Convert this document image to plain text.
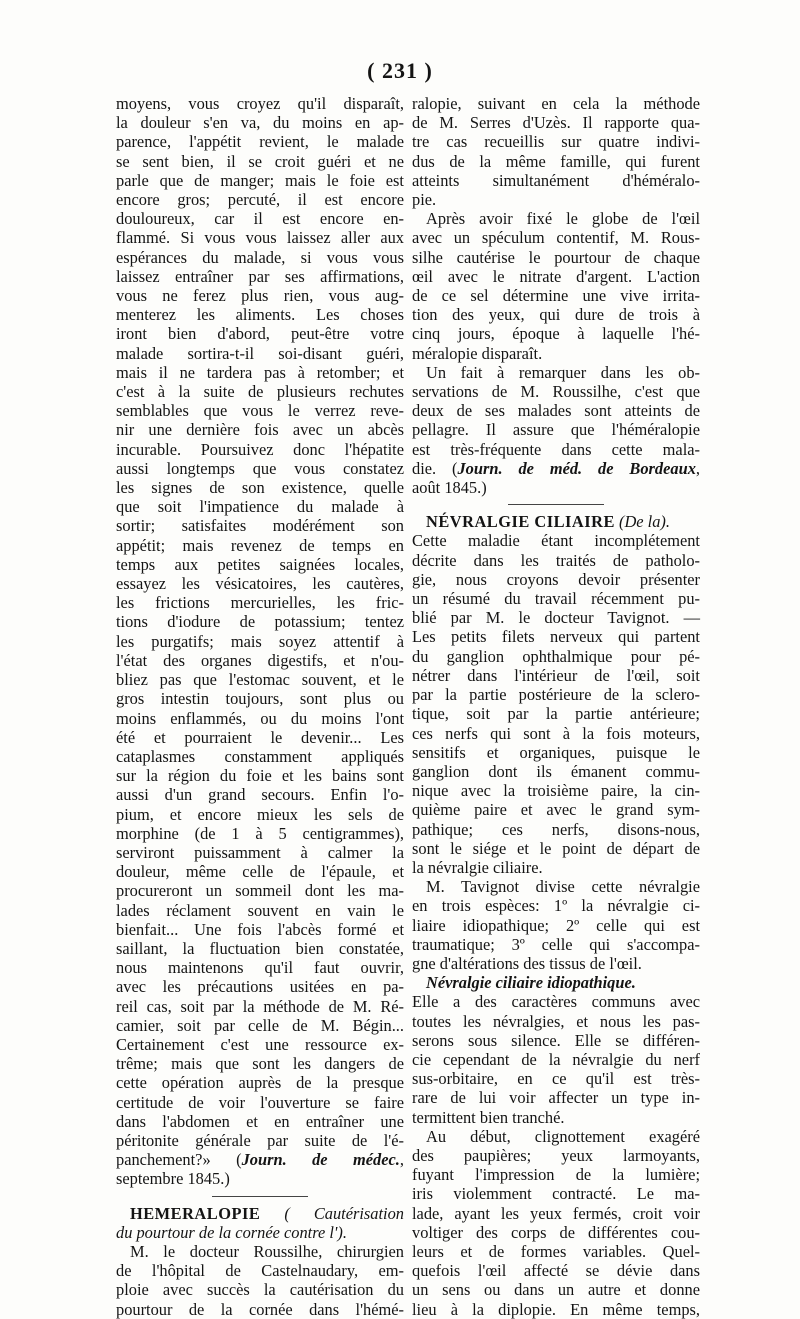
( 231 )
moyens, vous croyez qu'il disparaît,
la douleur s'en va, du moins en ap-
parence, l'appétit revient, le malade
se sent bien, il se croit guéri et ne
parle que de manger; mais le foie est
encore gros; percuté, il est encore
douloureux, car il est encore en-
flammé. Si vous vous laissez aller aux
espérances du malade, si vous vous
laissez entraîner par ses affirmations,
vous ne ferez plus rien, vous aug-
menterez les aliments. Les choses
iront bien d'abord, peut-être votre
malade sortira-t-il soi-disant guéri,
mais il ne tardera pas à retomber; et
c'est à la suite de plusieurs rechutes
semblables que vous le verrez reve-
nir une dernière fois avec un abcès
incurable. Poursuivez donc l'hépatite
aussi longtemps que vous constatez
les signes de son existence, quelle
que soit l'impatience du malade à
sortir; satisfaites modérément son
appétit; mais revenez de temps en
temps aux petites saignées locales,
essayez les vésicatoires, les cautères,
les frictions mercurielles, les fric-
tions d'iodure de potassium; tentez
les purgatifs; mais soyez attentif à
l'état des organes digestifs, et n'ou-
bliez pas que l'estomac souvent, et le
gros intestin toujours, sont plus ou
moins enflammés, ou du moins l'ont
été et pourraient le devenir... Les
cataplasmes constamment appliqués
sur la région du foie et les bains sont
aussi d'un grand secours. Enfin l'o-
pium, et encore mieux les sels de
morphine (de 1 à 5 centigrammes),
serviront puissamment à calmer la
douleur, même celle de l'épaule, et
procureront un sommeil dont les ma-
lades réclament souvent en vain le
bienfait... Une fois l'abcès formé et
saillant, la fluctuation bien constatée,
nous maintenons qu'il faut ouvrir,
avec les précautions usitées en pa-
reil cas, soit par la méthode de M. Ré-
camier, soit par celle de M. Bégin...
Certainement c'est une ressource ex-
trême; mais que sont les dangers de
cette opération auprès de la presque
certitude de voir l'ouverture se faire
dans l'abdomen et en entraîner une
péritonite générale par suite de l'é-
panchement?» (Journ. de médec.,
septembre 1845.)
HEMERALOPIE ( Cautérisation
du pourtour de la cornée contre l').
M. le docteur Roussilhe, chirurgien
de l'hôpital de Castelnaudary, em-
ploie avec succès la cautérisation du
pourtour de la cornée dans l'hémé-
ralopie, suivant en cela la méthode
de M. Serres d'Uzès. Il rapporte qua-
tre cas recueillis sur quatre indivi-
dus de la même famille, qui furent
atteints simultanément d'héméralo-
pie.
Après avoir fixé le globe de l'œil
avec un spéculum contentif, M. Rous-
silhe cautérise le pourtour de chaque
œil avec le nitrate d'argent. L'action
de ce sel détermine une vive irrita-
tion des yeux, qui dure de trois à
cinq jours, époque à laquelle l'hé-
méralopie disparaît.
Un fait à remarquer dans les ob-
servations de M. Roussilhe, c'est que
deux de ses malades sont atteints de
pellagre. Il assure que l'héméralopie
est très-fréquente dans cette mala-
die. (Journ. de méd. de Bordeaux,
août 1845.)
NÉVRALGIE CILIAIRE (De la).
Cette maladie étant incomplétement
décrite dans les traités de patholo-
gie, nous croyons devoir présenter
un résumé du travail récemment pu-
blié par M. le docteur Tavignot. —
Les petits filets nerveux qui partent
du ganglion ophthalmique pour pé-
nétrer dans l'intérieur de l'œil, soit
par la partie postérieure de la sclero-
tique, soit par la partie antérieure;
ces nerfs qui sont à la fois moteurs,
sensitifs et organiques, puisque le
ganglion dont ils émanent commu-
nique avec la troisième paire, la cin-
quième paire et avec le grand sym-
pathique; ces nerfs, disons-nous,
sont le siége et le point de départ de
la névralgie ciliaire.
M. Tavignot divise cette névralgie
en trois espèces: 1º la névralgie ci-
liaire idiopathique; 2º celle qui est
traumatique; 3º celle qui s'accompa-
gne d'altérations des tissus de l'œil.
Névralgie ciliaire idiopathique.
Elle a des caractères communs avec
toutes les névralgies, et nous les pas-
serons sous silence. Elle se différen-
cie cependant de la névralgie du nerf
sus-orbitaire, en ce qu'il est très-
rare de lui voir affecter un type in-
termittent bien tranché.
Au début, clignottement exagéré
des paupières; yeux larmoyants,
fuyant l'impression de la lumière;
iris violemment contracté. Le ma-
lade, ayant les yeux fermés, croit voir
voltiger des corps de différentes cou-
leurs et de formes variables. Quel-
quefois l'œil affecté se dévie dans
un sens ou dans un autre et donne
lieu à la diplopie. En même temps,
